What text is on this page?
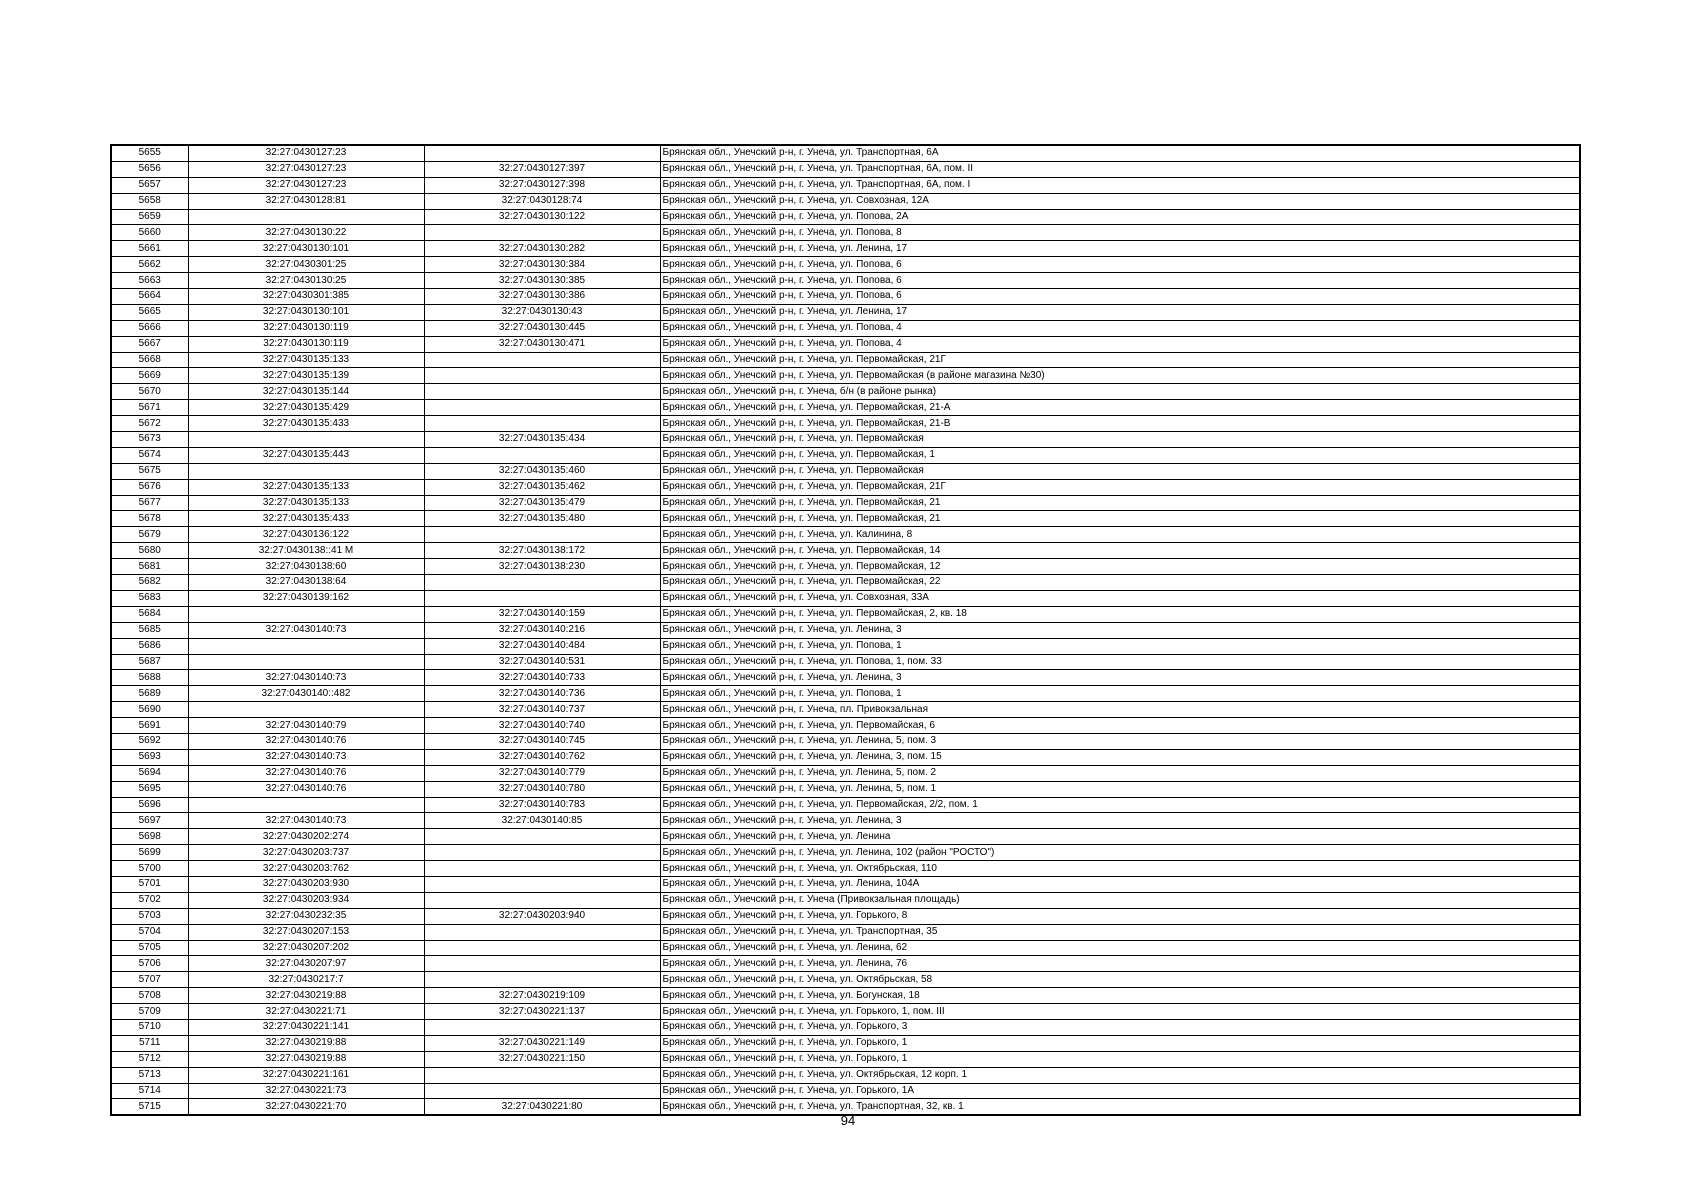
5655	32:27:0430127:23		Брянская обл., Унечский р-н, г. Унеча, ул. Транспортная, 6А
5656	32:27:0430127:23	32:27:0430127:397	Брянская обл., Унечский р-н, г. Унеча, ул. Транспортная, 6А, пом. II
5657	32:27:0430127:23	32:27:0430127:398	Брянская обл., Унечский р-н, г. Унеча, ул. Транспортная, 6А, пом. I
5658	32:27:0430128:81	32:27:0430128:74	Брянская обл., Унечский р-н, г. Унеча, ул. Совхозная, 12А
5659		32:27:0430130:122	Брянская обл., Унечский р-н, г. Унеча, ул. Попова, 2А
5660	32:27:0430130:22		Брянская обл., Унечский р-н, г. Унеча, ул. Попова, 8
5661	32:27:0430130:101	32:27:0430130:282	Брянская обл., Унечский р-н, г. Унеча, ул. Ленина, 17
5662	32:27:0430301:25	32:27:0430130:384	Брянская обл., Унечский р-н, г. Унеча, ул. Попова, 6
5663	32:27:0430130:25	32:27:0430130:385	Брянская обл., Унечский р-н, г. Унеча, ул. Попова, 6
5664	32:27:0430301:385	32:27:0430130:386	Брянская обл., Унечский р-н, г. Унеча, ул. Попова, 6
5665	32:27:0430130:101	32:27:0430130:43	Брянская обл., Унечский р-н, г. Унеча, ул. Ленина, 17
5666	32:27:0430130:119	32:27:0430130:445	Брянская обл., Унечский р-н, г. Унеча, ул. Попова, 4
5667	32:27:0430130:119	32:27:0430130:471	Брянская обл., Унечский р-н, г. Унеча, ул. Попова, 4
5668	32:27:0430135:133		Брянская обл., Унечский р-н, г. Унеча, ул. Первомайская, 21Г
5669	32:27:0430135:139		Брянская обл., Унечский р-н, г. Унеча, ул. Первомайская (в районе магазина №30)
5670	32:27:0430135:144		Брянская обл., Унечский р-н, г. Унеча, б/н (в районе рынка)
5671	32:27:0430135:429		Брянская обл., Унечский р-н, г. Унеча, ул. Первомайская, 21-А
5672	32:27:0430135:433		Брянская обл., Унечский р-н, г. Унеча, ул. Первомайская, 21-В
5673		32:27:0430135:434	Брянская обл., Унечский р-н, г. Унеча, ул. Первомайская
5674	32:27:0430135:443		Брянская обл., Унечский р-н, г. Унеча, ул. Первомайская, 1
5675		32:27:0430135:460	Брянская обл., Унечский р-н, г. Унеча, ул. Первомайская
5676	32:27:0430135:133	32:27:0430135:462	Брянская обл., Унечский р-н, г. Унеча, ул. Первомайская, 21Г
5677	32:27:0430135:133	32:27:0430135:479	Брянская обл., Унечский р-н, г. Унеча, ул. Первомайская, 21
5678	32:27:0430135:433	32:27:0430135:480	Брянская обл., Унечский р-н, г. Унеча, ул. Первомайская, 21
5679	32:27:0430136:122		Брянская обл., Унечский р-н, г. Унеча, ул. Калинина, 8
5680	32:27:0430138::41 М	32:27:0430138:172	Брянская обл., Унечский р-н, г. Унеча, ул. Первомайская, 14
5681	32:27:0430138:60	32:27:0430138:230	Брянская обл., Унечский р-н, г. Унеча, ул. Первомайская, 12
5682	32:27:0430138:64		Брянская обл., Унечский р-н, г. Унеча, ул. Первомайская, 22
5683	32:27:0430139:162		Брянская обл., Унечский р-н, г. Унеча, ул. Совхозная, 33А
5684		32:27:0430140:159	Брянская обл., Унечский р-н, г. Унеча, ул. Первомайская, 2, кв. 18
5685	32:27:0430140:73	32:27:0430140:216	Брянская обл., Унечский р-н, г. Унеча, ул. Ленина, 3
5686		32:27:0430140:484	Брянская обл., Унечский р-н, г. Унеча, ул. Попова, 1
5687		32:27:0430140:531	Брянская обл., Унечский р-н, г. Унеча, ул. Попова, 1, пом. 33
5688	32:27:0430140:73	32:27:0430140:733	Брянская обл., Унечский р-н, г. Унеча, ул. Ленина, 3
5689	32:27:0430140::482	32:27:0430140:736	Брянская обл., Унечский р-н, г. Унеча, ул. Попова, 1
5690		32:27:0430140:737	Брянская обл., Унечский р-н, г. Унеча, пл. Привокзальная
5691	32:27:0430140:79	32:27:0430140:740	Брянская обл., Унечский р-н, г. Унеча, ул. Первомайская, 6
5692	32:27:0430140:76	32:27:0430140:745	Брянская обл., Унечский р-н, г. Унеча, ул. Ленина, 5, пом. 3
5693	32:27:0430140:73	32:27:0430140:762	Брянская обл., Унечский р-н, г. Унеча, ул. Ленина, 3, пом. 15
5694	32:27:0430140:76	32:27:0430140:779	Брянская обл., Унечский р-н, г. Унеча, ул. Ленина, 5, пом. 2
5695	32:27:0430140:76	32:27:0430140:780	Брянская обл., Унечский р-н, г. Унеча, ул. Ленина, 5, пом. 1
5696		32:27:0430140:783	Брянская обл., Унечский р-н, г. Унеча, ул. Первомайская, 2/2, пом. 1
5697	32:27:0430140:73	32:27:0430140:85	Брянская обл., Унечский р-н, г. Унеча, ул. Ленина, 3
5698	32:27:0430202:274		Брянская обл., Унечский р-н, г. Унеча, ул. Ленина
5699	32:27:0430203:737		Брянская обл., Унечский р-н, г. Унеча, ул. Ленина, 102 (район "РОСТО")
5700	32:27:0430203:762		Брянская обл., Унечский р-н, г. Унеча, ул. Октябрьская, 110
5701	32:27:0430203:930		Брянская обл., Унечский р-н, г. Унеча, ул. Ленина, 104А
5702	32:27:0430203:934		Брянская обл., Унечский р-н, г. Унеча (Привокзальная площадь)
5703	32:27:0430232:35	32:27:0430203:940	Брянская обл., Унечский р-н, г. Унеча, ул. Горького, 8
5704	32:27:0430207:153		Брянская обл., Унечский р-н, г. Унеча, ул. Транспортная, 35
5705	32:27:0430207:202		Брянская обл., Унечский р-н, г. Унеча, ул. Ленина, 62
5706	32:27:0430207:97		Брянская обл., Унечский р-н, г. Унеча, ул. Ленина, 76
5707	32:27:0430217:7		Брянская обл., Унечский р-н, г. Унеча, ул. Октябрьская, 58
5708	32:27:0430219:88	32:27:0430219:109	Брянская обл., Унечский р-н, г. Унеча, ул. Богунская, 18
5709	32:27:0430221:71	32:27:0430221:137	Брянская обл., Унечский р-н, г. Унеча, ул. Горького, 1, пом. III
5710	32:27:0430221:141		Брянская обл., Унечский р-н, г. Унеча, ул. Горького, 3
5711	32:27:0430219:88	32:27:0430221:149	Брянская обл., Унечский р-н, г. Унеча, ул. Горького, 1
5712	32:27:0430219:88	32:27:0430221:150	Брянская обл., Унечский р-н, г. Унеча, ул. Горького, 1
5713	32:27:0430221:161		Брянская обл., Унечский р-н, г. Унеча, ул. Октябрьская, 12 корп. 1
5714	32:27:0430221:73		Брянская обл., Унечский р-н, г. Унеча, ул. Горького, 1А
5715	32:27:0430221:70	32:27:0430221:80	Брянская обл., Унечский р-н, г. Унеча, ул. Транспортная, 32, кв. 1
94
